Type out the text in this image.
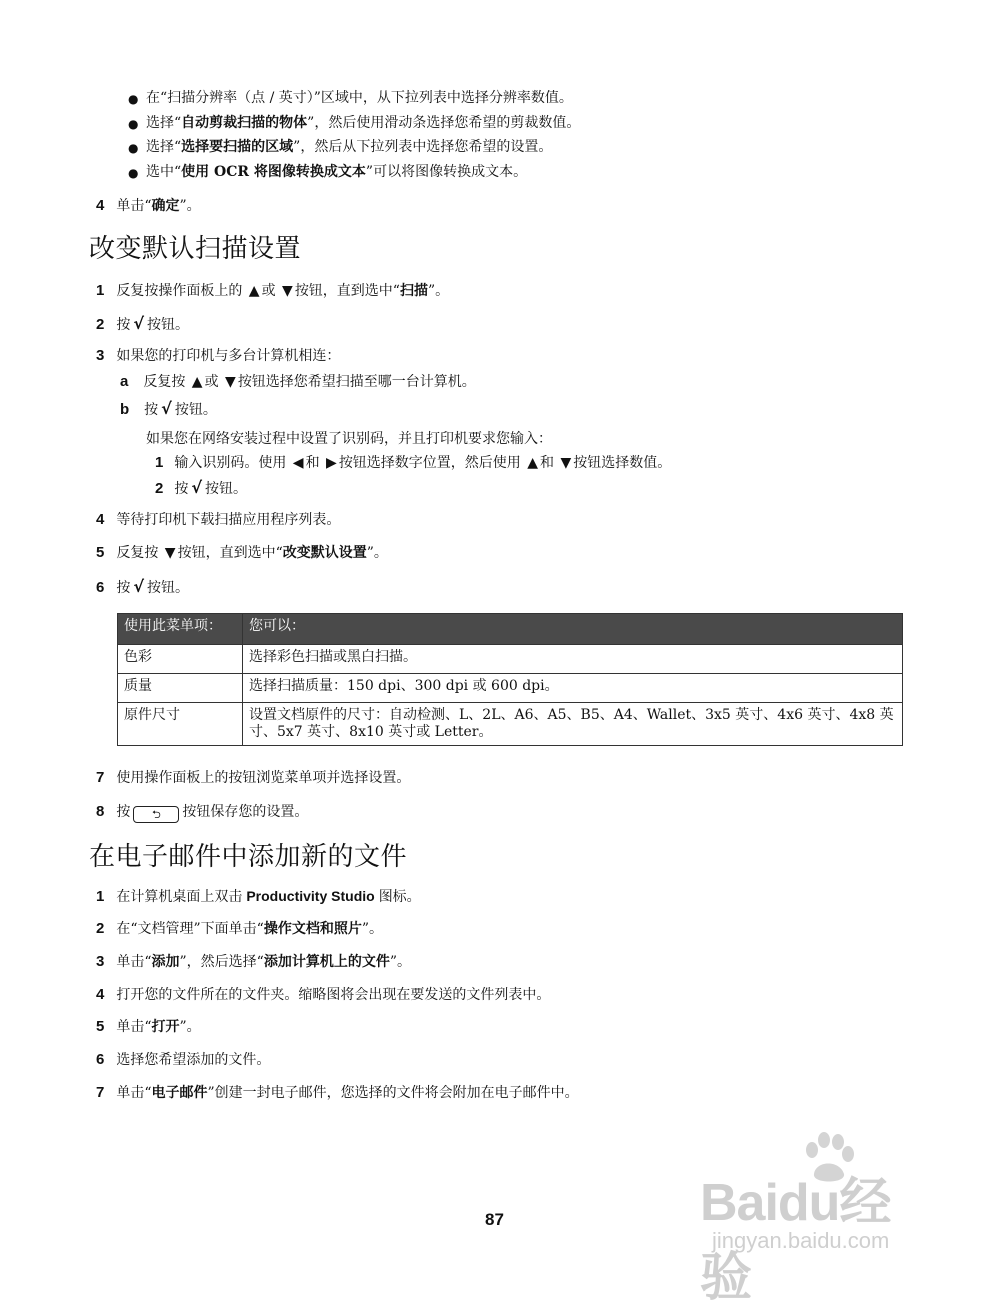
● 在“扫描分辨率（点 / 英寸）”区域中，从下拉列表中选择分辨率数值。
● 选择“自动剪裁扫描的物体”，然后使用滑动条选择您希望的剪裁数值。
● 选择“选择要扫描的区域”，然后从下拉列表中选择您希望的设置。
● 选中“使用 OCR 将图像转换成文本”可以将图像转换成文本。
4 单击“确定”。
改变默认扫描设置
1 反复按操作面板上的 ▲ 或 ▼ 按钮，直到选中“扫描”。
2 按 √ 按钮。
3 如果您的打印机与多台计算机相连：
a 反复按 ▲ 或 ▼ 按钮选择您希望扫描至哪一台计算机。
b 按 √ 按钮。
如果您在网络安装过程中设置了识别码，并且打印机要求您输入：
1 输入识别码。使用 ◀ 和 ▶ 按钮选择数字位置，然后使用 ▲ 和 ▼ 按钮选择数值。
2 按 √ 按钮。
4 等待打印机下载扫描应用程序列表。
5 反复按 ▼ 按钮，直到选中“改变默认设置”。
6 按 √ 按钮。
使用此菜单项：	您可以：
色彩	选择彩色扫描或黑白扫描。
质量	选择扫描质量：150 dpi、300 dpi 或 600 dpi。
原件尺寸	设置文档原件的尺寸：自动检测、L、2L、A6、A5、B5、A4、Wallet、3x5 英寸、4x6 英寸、4x8 英寸、5x7 英寸、8x10 英寸或 Letter。
7 使用操作面板上的按钮浏览菜单项并选择设置。
8 按 ⮌ 按钮保存您的设置。
在电子邮件中添加新的文件
1 在计算机桌面上双击 Productivity Studio 图标。
2 在“文档管理”下面单击“操作文档和照片”。
3 单击“添加”，然后选择“添加计算机上的文件”。
4 打开您的文件所在的文件夹。缩略图将会出现在要发送的文件列表中。
5 单击“打开”。
6 选择您希望添加的文件。
7 单击“电子邮件”创建一封电子邮件，您选择的文件将会附加在电子邮件中。
Baidu经验
jingyan.baidu.com
87
